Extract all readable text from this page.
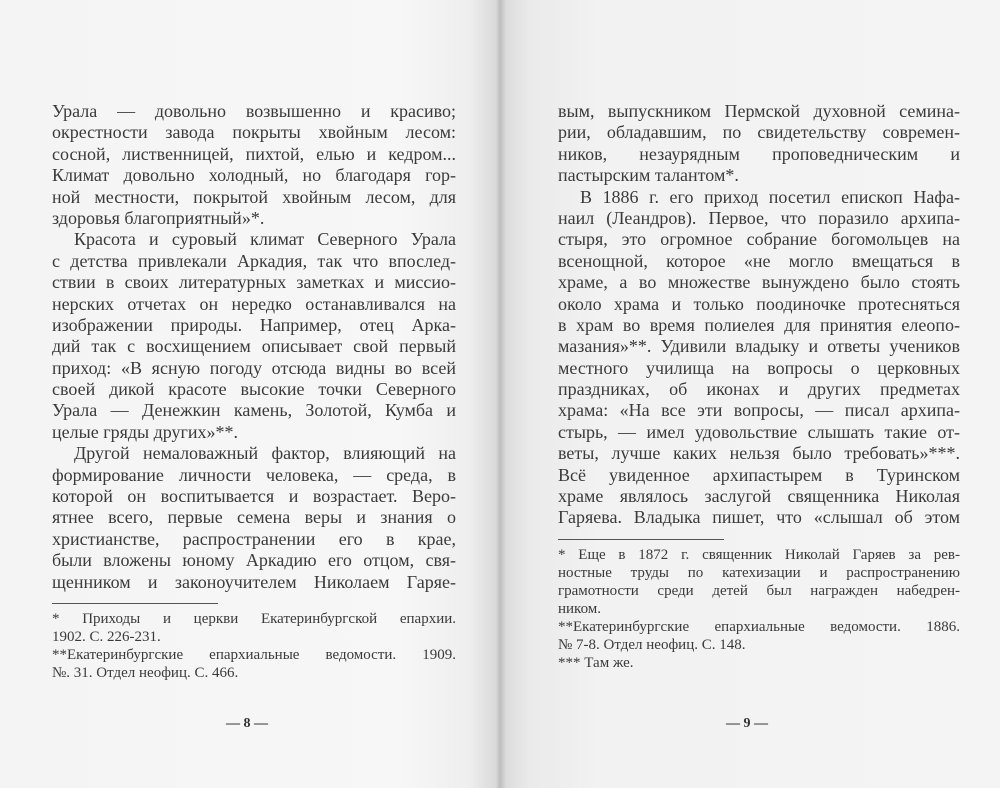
Урала — довольно возвышенно и красиво;
окрестности завода покрыты хвойным лесом:
сосной, лиственницей, пихтой, елью и кедром...
Климат довольно холодный, но благодаря гор-
ной местности, покрытой хвойным лесом, для
здоровья благоприятный»*.
Красота и суровый климат Северного Урала
с детства привлекали Аркадия, так что впослед-
ствии в своих литературных заметках и миссио-
нерских отчетах он нередко останавливался на
изображении природы. Например, отец Арка-
дий так с восхищением описывает свой первый
приход: «В ясную погоду отсюда видны во всей
своей дикой красоте высокие точки Северного
Урала — Денежкин камень, Золотой, Кумба и
целые гряды других»**.
Другой немаловажный фактор, влияющий на
формирование личности человека, — среда, в
которой он воспитывается и возрастает. Веро-
ятнее всего, первые семена веры и знания о
христианстве, распространении его в крае,
были вложены юному Аркадию его отцом, свя-
щенником и законоучителем Николаем Гаряе-
* Приходы и церкви Екатеринбургской епархии.
1902. С. 226-231.
**Екатеринбургские епархиальные ведомости. 1909.
№. 31. Отдел неофиц. С. 466.
— 8 —
вым, выпускником Пермской духовной семина-
рии, обладавшим, по свидетельству современ-
ников, незаурядным проповедническим и
пастырским талантом*.
В 1886 г. его приход посетил епископ Нафа-
наил (Леандров). Первое, что поразило архипа-
стыря, это огромное собрание богомольцев на
всенощной, которое «не могло вмещаться в
храме, а во множестве вынуждено было стоять
около храма и только поодиночке протесняться
в храм во время полиелея для принятия елеопо-
мазания»**. Удивили владыку и ответы учеников
местного училища на вопросы о церковных
праздниках, об иконах и других предметах
храма: «На все эти вопросы, — писал архипа-
стырь, — имел удовольствие слышать такие от-
веты, лучше каких нельзя было требовать»***.
Всё увиденное архипастырем в Туринском
храме являлось заслугой священника Николая
Гаряева. Владыка пишет, что «слышал об этом
* Еще в 1872 г. священник Николай Гаряев за рев-
ностные труды по катехизации и распространению
грамотности среди детей был награжден набедрен-
ником.
**Екатеринбургские епархиальные ведомости. 1886.
№ 7-8. Отдел неофиц. С. 148.
*** Там же.
— 9 —
